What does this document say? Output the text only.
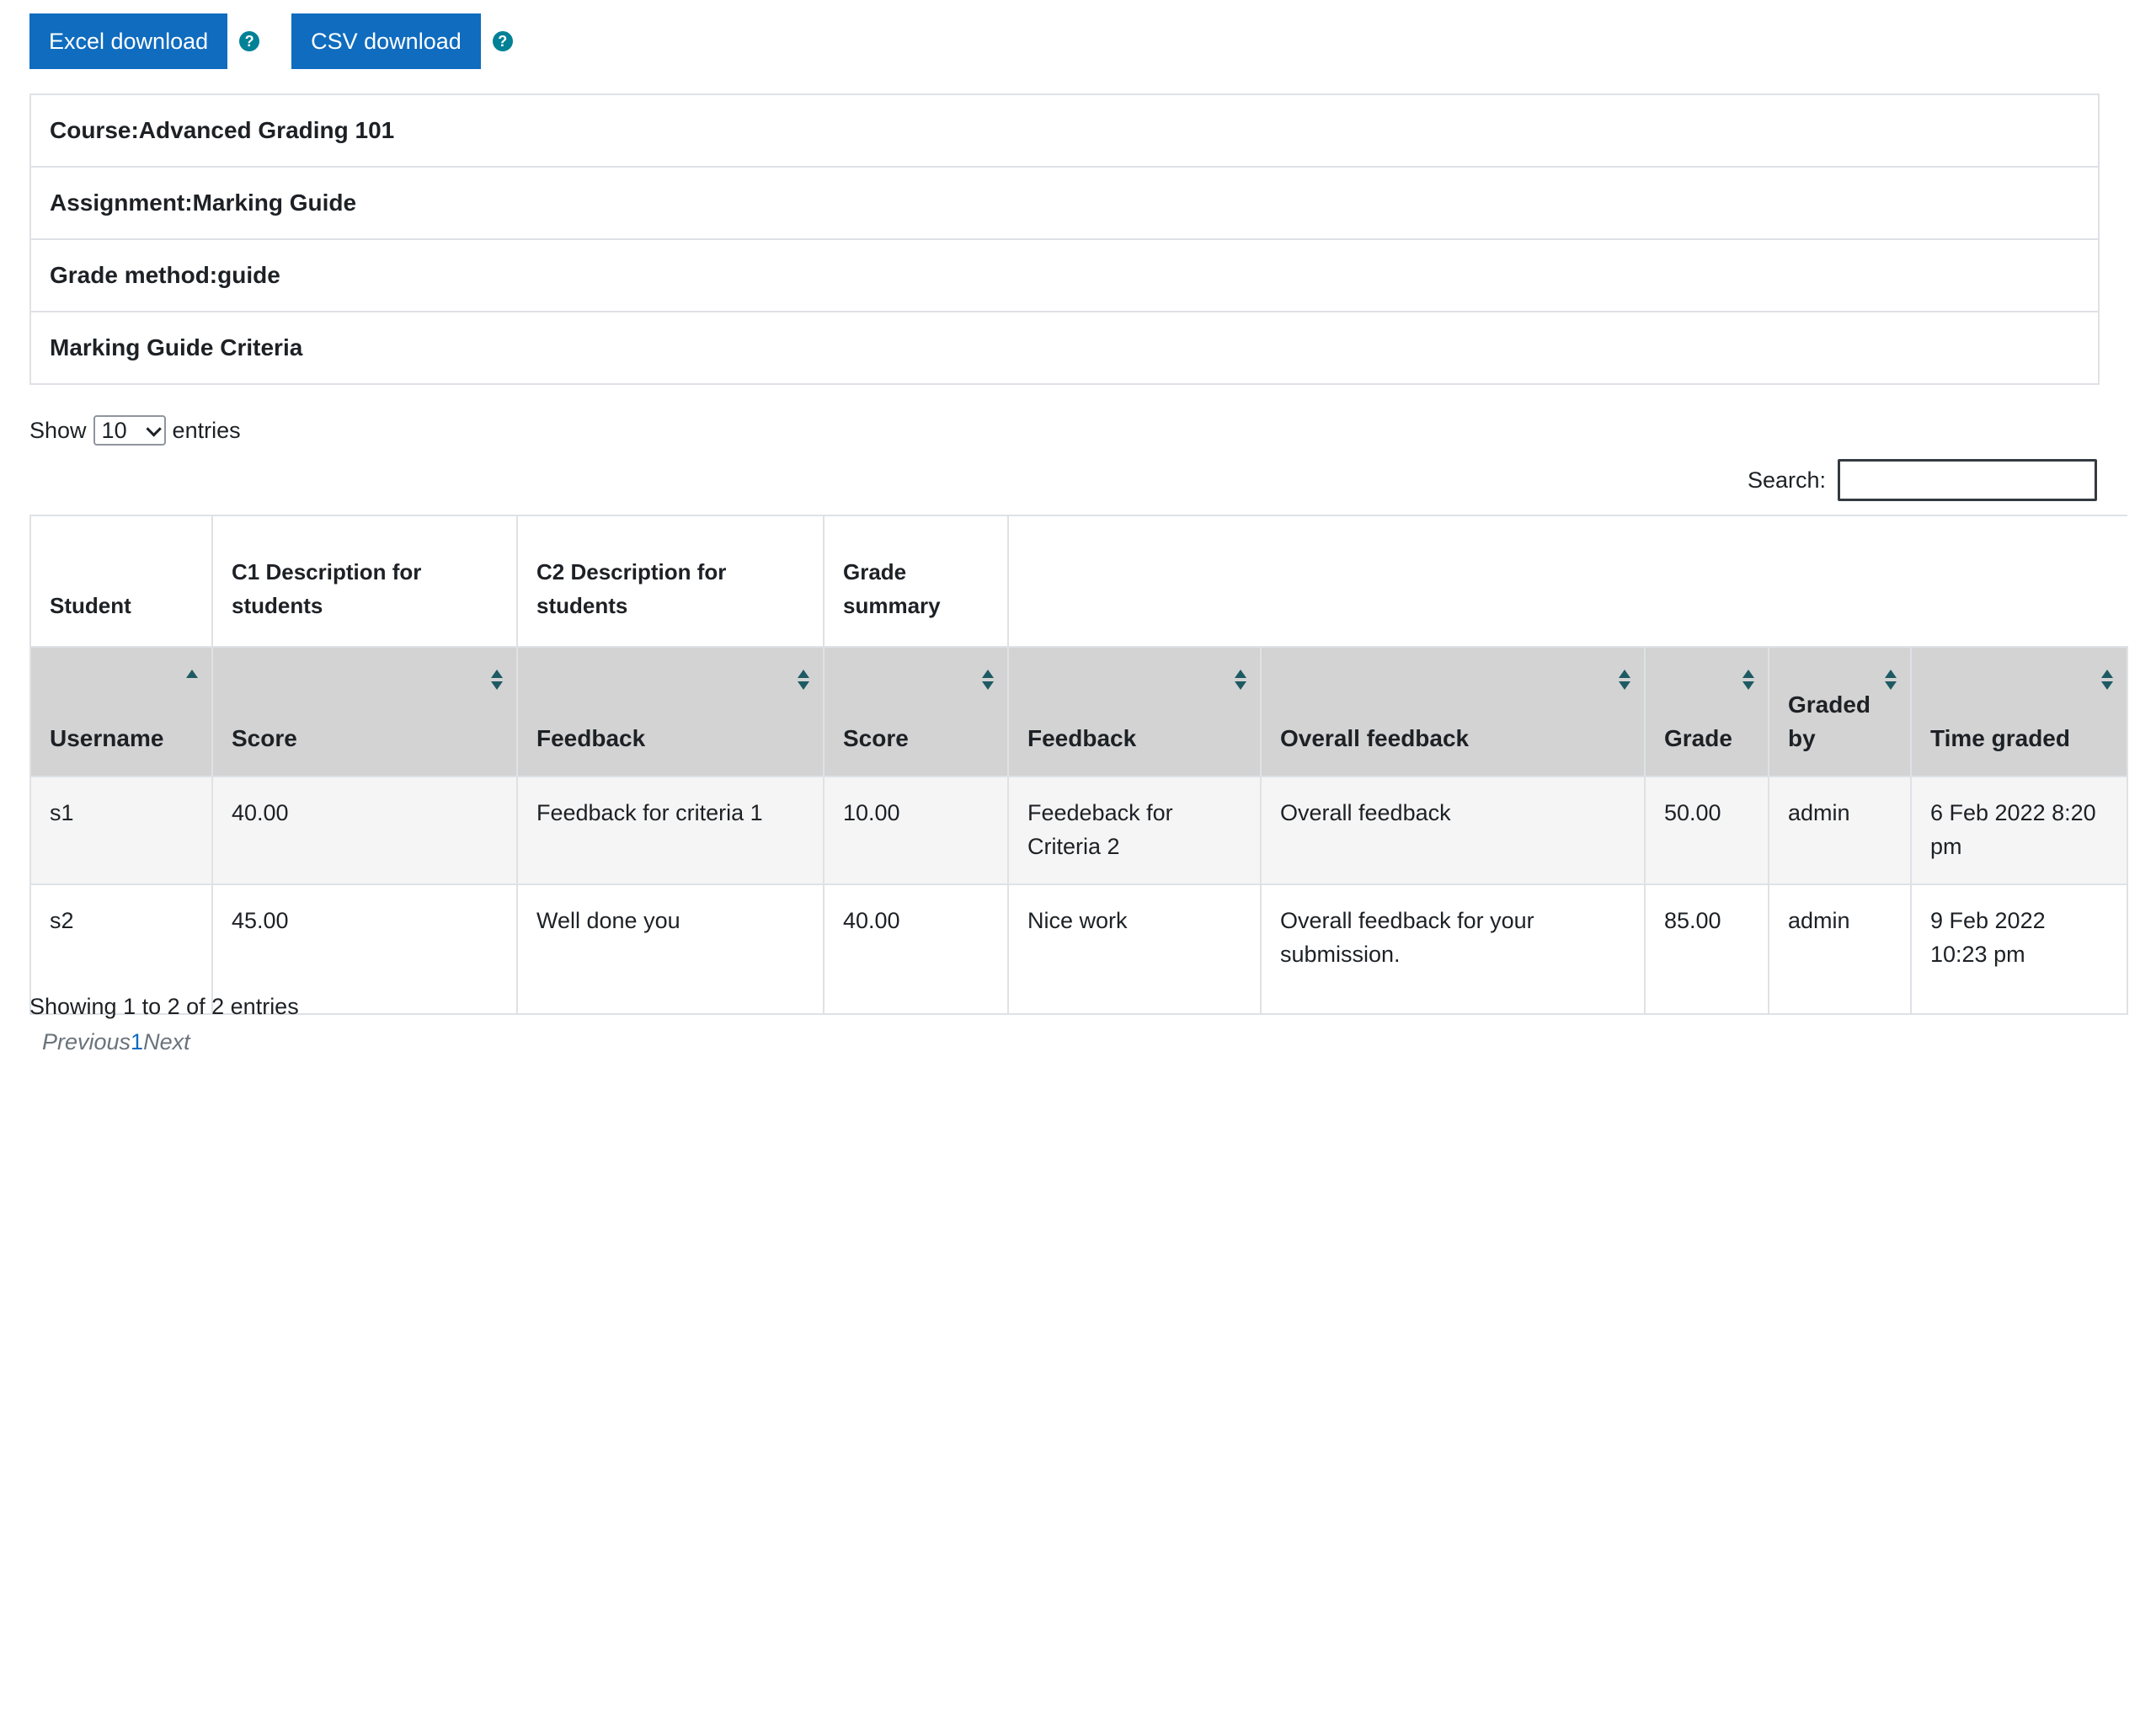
Excel download	?	CSV download	?
Course:Advanced Grading 101
Assignment:Marking Guide
Grade method:guide
Marking Guide Criteria
Show 10 entries
Search:
Student	C1 Description for students	C2 Description for students	Grade summary					

Username	Score	Feedback	Score	Feedback	Overall feedback	Grade	Graded by	Time graded
s1	40.00	Feedback for criteria 1	10.00	Feedeback for Criteria 2	Overall feedback	50.00	admin	6 Feb 2022 8:20 pm
s2	45.00	Well done you	40.00	Nice work	Overall feedback for your submission.	85.00	admin	9 Feb 2022 10:23 pm
Showing 1 to 2 of 2 entries
Previous 1 Next
